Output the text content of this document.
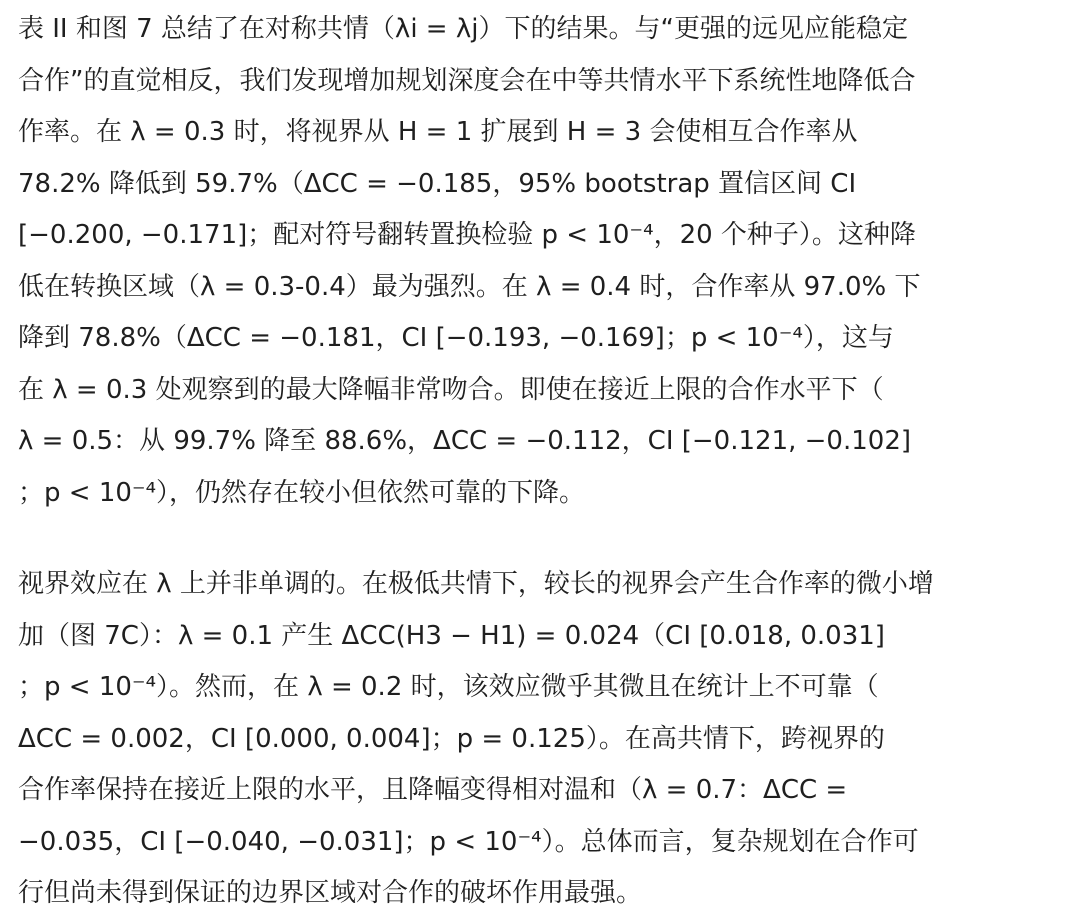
表 II 和图 7 总结了在对称共情（λi = λj）下的结果。与“更强的远见应能稳定
合作”的直觉相反，我们发现增加规划深度会在中等共情水平下系统性地降低合
作率。在 λ = 0.3 时，将视界从 H = 1 扩展到 H = 3 会使相互合作率从
78.2% 降低到 59.7%（ΔCC = −0.185，95% bootstrap 置信区间 CI
[−0.200, −0.171]；配对符号翻转置换检验 p < 10⁻⁴，20 个种子）。这种降
低在转换区域（λ = 0.3-0.4）最为强烈。在 λ = 0.4 时，合作率从 97.0% 下
降到 78.8%（ΔCC = −0.181，CI [−0.193, −0.169]；p < 10⁻⁴），这与
在 λ = 0.3 处观察到的最大降幅非常吻合。即使在接近上限的合作水平下（
λ = 0.5：从 99.7% 降至 88.6%，ΔCC = −0.112，CI [−0.121, −0.102]
；p < 10⁻⁴），仍然存在较小但依然可靠的下降。

视界效应在 λ 上并非单调的。在极低共情下，较长的视界会产生合作率的微小增
加（图 7C）：λ = 0.1 产生 ΔCC(H3 − H1) = 0.024（CI [0.018, 0.031]
；p < 10⁻⁴）。然而，在 λ = 0.2 时，该效应微乎其微且在统计上不可靠（
ΔCC = 0.002，CI [0.000, 0.004]；p = 0.125）。在高共情下，跨视界的
合作率保持在接近上限的水平，且降幅变得相对温和（λ = 0.7：ΔCC =
−0.035，CI [−0.040, −0.031]；p < 10⁻⁴）。总体而言，复杂规划在合作可
行但尚未得到保证的边界区域对合作的破坏作用最强。
